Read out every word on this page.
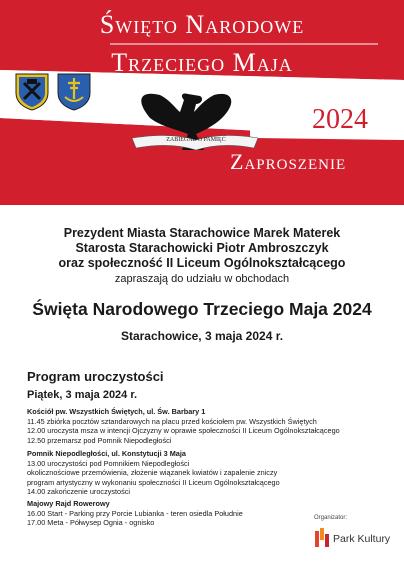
Święto Narodowe
Trzeciego Maja
2024
Zaproszenie
ZABIEGAŁ O PAMIĘĆ
Prezydent Miasta Starachowice Marek Materek
Starosta Starachowicki Piotr Ambroszczyk
oraz społeczność II Liceum Ogólnokształcącego
zapraszają do udziału w obchodach
Święta Narodowego Trzeciego Maja 2024
Starachowice, 3 maja 2024 r.
Program uroczystości
Piątek, 3 maja 2024 r.
Kościół pw. Wszystkich Świętych, ul. Św. Barbary 1
11.45 zbiórka pocztów sztandarowych na placu przed kościołem pw. Wszystkich Świętych
12.00 uroczysta msza w intencji Ojczyzny w oprawie społeczności II Liceum Ogólnokształcącego
12.50 przemarsz pod Pomnik Niepodległości
Pomnik Niepodległości, ul. Konstytucji 3 Maja
13.00 uroczystości pod Pomnikiem Niepodległości
okolicznościowe przemówienia, złożenie wiązanek kwiatów i zapalenie zniczy
program artystyczny w wykonaniu społeczności II Liceum Ogólnokształcącego
14.00 zakończenie uroczystości
Majowy Rajd Rowerowy
16.00 Start - Parking przy Porcie Lubianka - teren osiedla Południe
17.00 Meta - Półwysep Ognia - ognisko	Organizator:
Park Kultury
